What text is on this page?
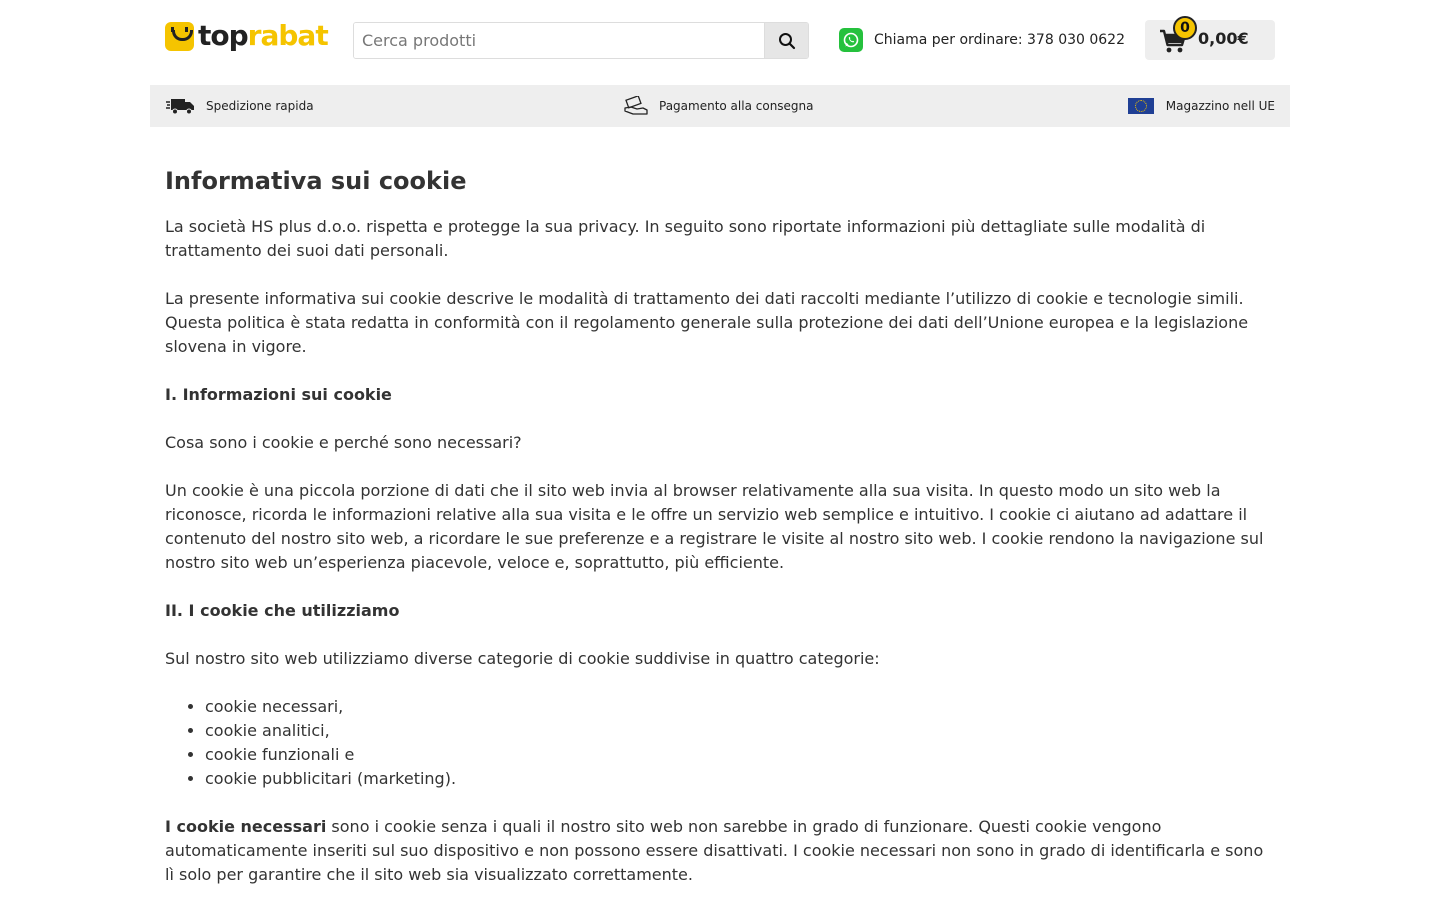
toprabat
Cerca prodotti	Chiama per ordinare: 378 030 0622
0
0,00€
Spedizione rapida	Pagamento alla consegna	Magazzino nell UE
Informativa sui cookie

La società HS plus d.o.o. rispetta e protegge la sua privacy. In seguito sono riportate informazioni più dettagliate sulle modalità di trattamento dei suoi dati personali.

La presente informativa sui cookie descrive le modalità di trattamento dei dati raccolti mediante l’utilizzo di cookie e tecnologie simili. Questa politica è stata redatta in conformità con il regolamento generale sulla protezione dei dati dell’Unione europea e la legislazione slovena in vigore.

I. Informazioni sui cookie

Cosa sono i cookie e perché sono necessari?

Un cookie è una piccola porzione di dati che il sito web invia al browser relativamente alla sua visita. In questo modo un sito web la riconosce, ricorda le informazioni relative alla sua visita e le offre un servizio web semplice e intuitivo. I cookie ci aiutano ad adattare il contenuto del nostro sito web, a ricordare le sue preferenze e a registrare le visite al nostro sito web. I cookie rendono la navigazione sul nostro sito web un’esperienza piacevole, veloce e, soprattutto, più efficiente.

II. I cookie che utilizziamo

Sul nostro sito web utilizziamo diverse categorie di cookie suddivise in quattro categorie:

• cookie necessari,
• cookie analitici,
• cookie funzionali e
• cookie pubblicitari (marketing).

I cookie necessari sono i cookie senza i quali il nostro sito web non sarebbe in grado di funzionare. Questi cookie vengono automaticamente inseriti sul suo dispositivo e non possono essere disattivati. I cookie necessari non sono in grado di identificarla e sono lì solo per garantire che il sito web sia visualizzato correttamente.
